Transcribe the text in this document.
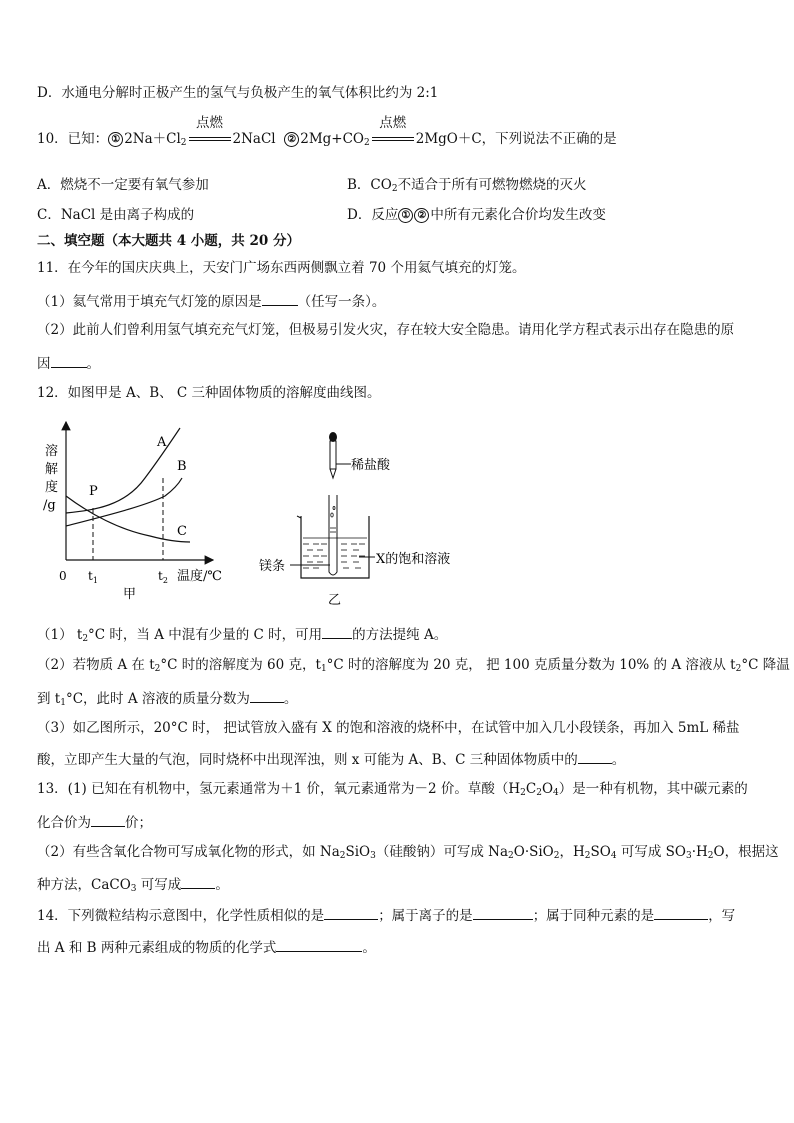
D．水通电分解时正极产生的氢气与负极产生的氧气体积比约为 2:1
10．已知： ① $2Na+Cl_2$
点燃
2NaCl ② $2Mg+CO_2$
点燃
2MgO＋C，下列说法不正确的是
A．燃烧不一定要有氧气参加	B．$CO_2$不适合于所有可燃物燃烧的灭火
C．NaCl 是由离子构成的	D．反应 ① ② 中所有元素化合价均发生改变
二、填空题（本大题共 4 小题，共 20 分）
11．在今年的国庆庆典上，天安门广场东西两侧飘立着 70 个用氦气填充的灯笼。
（1）氦气常用于填充气灯笼的原因是	（任写一条）。
（2）此前人们曾利用氢气填充充气灯笼，但极易引发火灾，存在较大安全隐患。请用化学方程式表示出存在隐患的原
因	。
12．如图甲是 A、B、 C 三种固体物质的溶解度曲线图。
溶
解
度
/g
A
B
C
P
0 $t_1$	$t_2$ 温度/℃
甲
稀盐酸
镁条	X的饱和溶液
乙
（1） $t_2^\circ C$ 时，当 A 中混有少量的 C 时，可用 的方法提纯 A。
（2）若物质 A 在 $t_2^\circ C$ 时的溶解度为 60 克，$t_1^\circ C$ 时的溶解度为 20 克， 把 100 克质量分数为 10% 的 A 溶液从 $t_2^\circ C$ 降温
到 $t_1^\circ C$，此时 A 溶液的质量分数为	。
（3）如乙图所示，20°C 时， 把试管放入盛有 X 的饱和溶液的烧杯中，在试管中加入几小段镁条，再加入 5mL 稀盐
酸，立即产生大量的气泡，同时烧杯中出现浑浊，则 x 可能为 A、B、C 三种固体物质中的	。
13．(1) 已知在有机物中，氢元素通常为＋1 价，氧元素通常为－2 价。草酸$(H_2C_2O_4)$是一种有机物，其中碳元素的
化合价为	价；
（2）有些含氧化合物可写成氧化物的形式，如 $Na_2SiO_3$（硅酸钠）可写成 $Na_2O\cdot SiO_2$，$H_2SO_4$ 可写成 $SO_3\cdot H_2O$，根据这
种方法，CaCO$_3$ 可写成	。
14．下列微粒结构示意图中，化学性质相似的是	；属于离子的是	；属于同种元素的是	，写
出 A 和 B 两种元素组成的物质的化学式	。
